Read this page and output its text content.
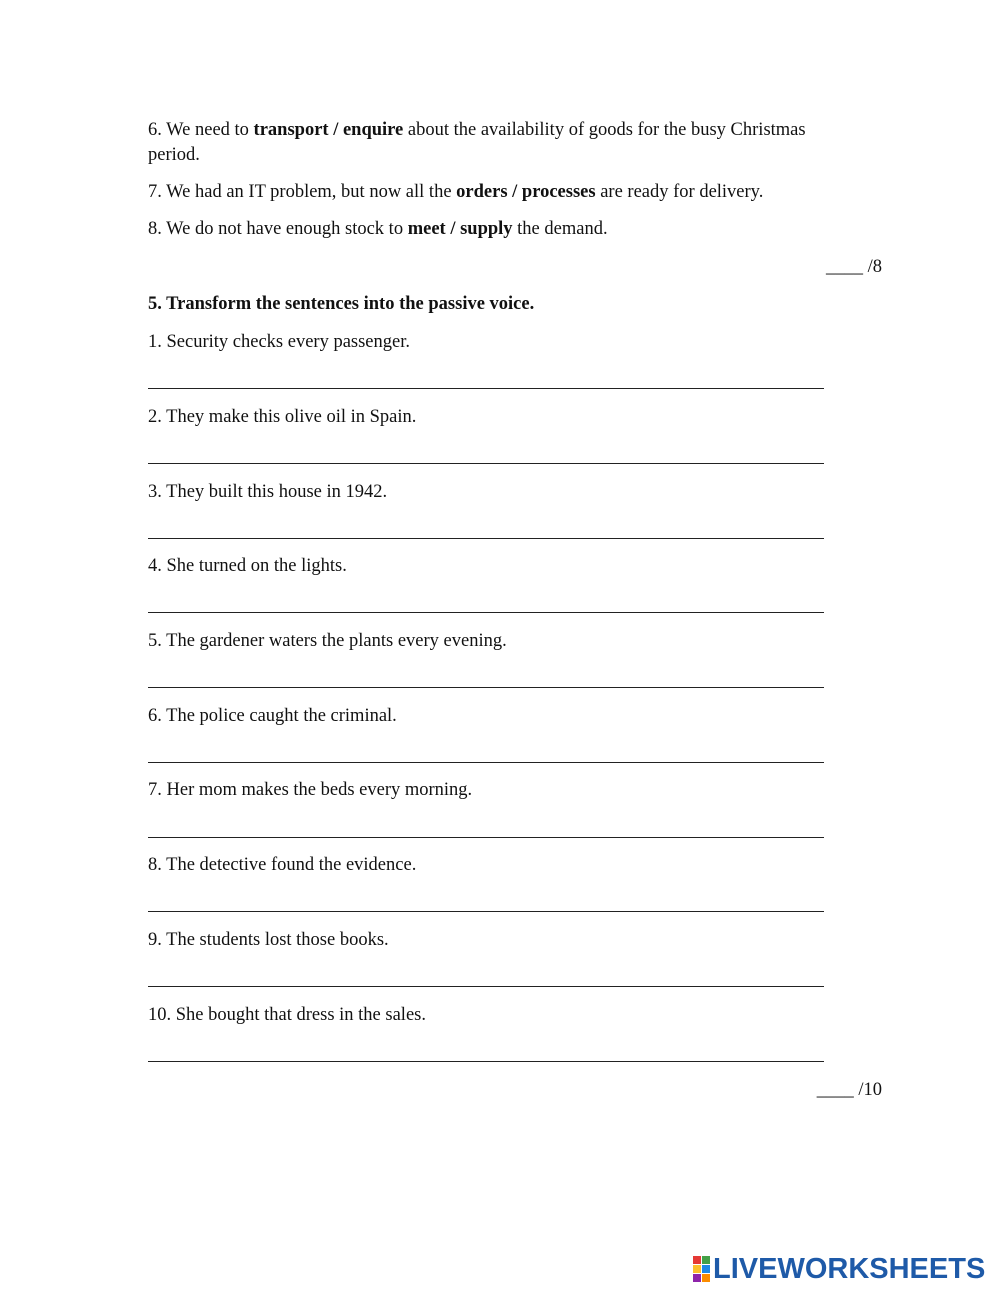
6. We need to transport / enquire about the availability of goods for the busy Christmas
period.
7. We had an IT problem, but now all the orders / processes are ready for delivery.
8. We do not have enough stock to meet / supply the demand.
____ /8
5. Transform the sentences into the passive voice.
1. Security checks every passenger.
2. They make this olive oil in Spain.
3. They built this house in 1942.
4. She turned on the lights.
5. The gardener waters the plants every evening.
6. The police caught the criminal.
7. Her mom makes the beds every morning.
8. The detective found the evidence.
9. The students lost those books.
10. She bought that dress in the sales.
____ /10
LIVEWORKSHEETS
